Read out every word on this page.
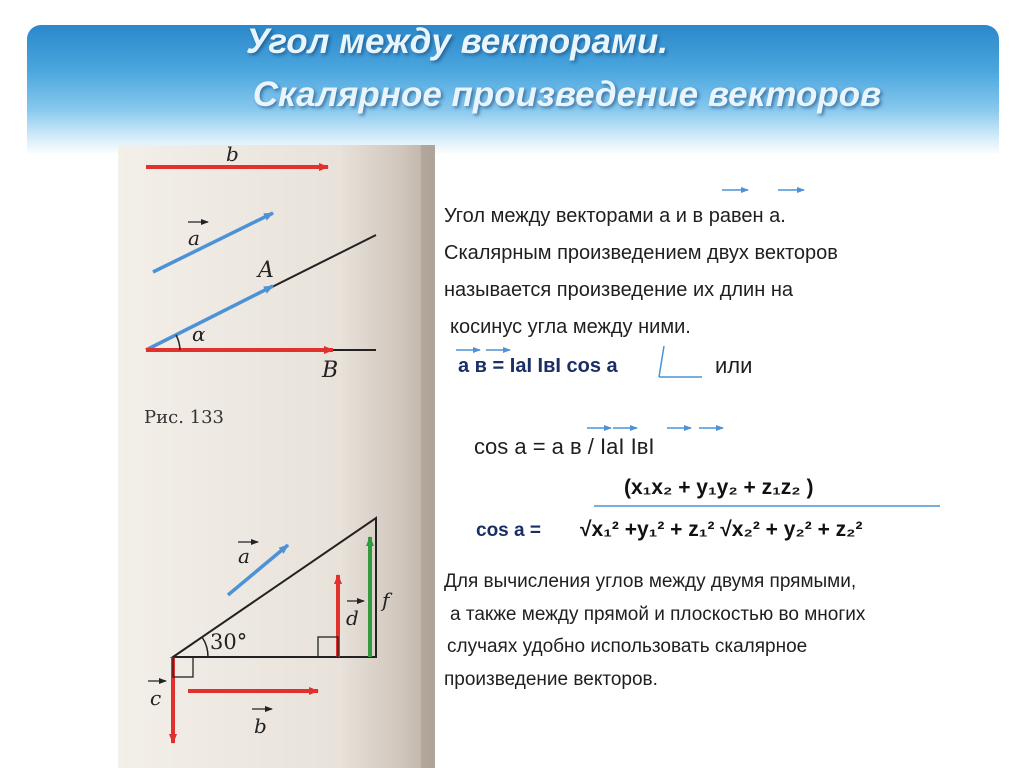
Угол между векторами.
Скалярное произведение векторов
b
a
A
α
B
Рис. 133
a
30°
d
f
c
b
Угол между векторами а и в равен а.
Скалярным произведением двух векторов
называется произведение их длин на
косинус угла между ними.
а в = IaI IвI cos а	или
cos a = а в / IaI IвI
(x₁x₂ + y₁y₂ + z₁z₂ )
cos a = √x₁² +y₁² + z₁² √x₂² + y₂² + z₂²
Для вычисления углов между двумя прямыми,
а также между прямой и плоскостью во многих
случаях удобно использовать скалярное
произведение векторов.
